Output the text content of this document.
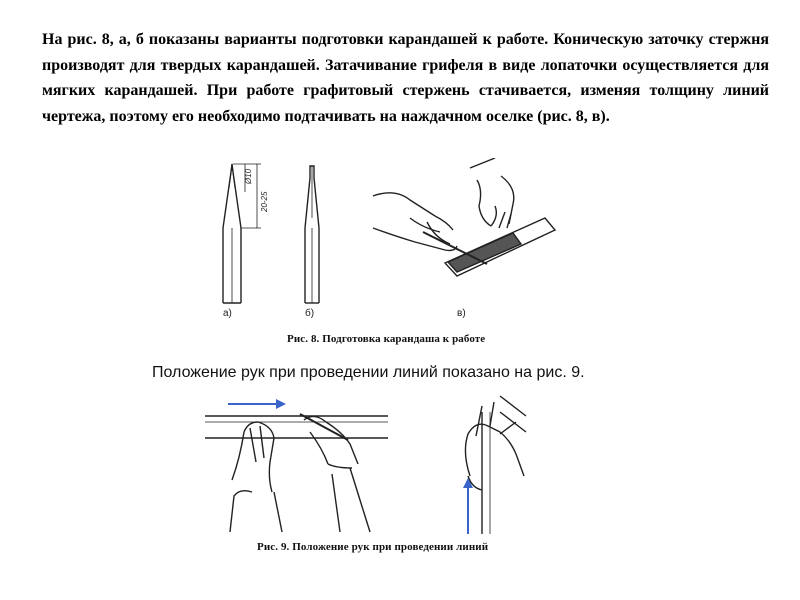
На рис. 8, а, б показаны варианты подготовки карандашей к работе. Коническую заточку стержня производят для твердых карандашей. Затачивание грифеля в виде лопаточки осуществляется для мягких карандашей. При работе графитовый стержень стачивается, изменяя толщину линий чертежа, поэтому его необходимо подтачивать на наждачном оселке (рис. 8, в).

Ø10
20-25
а)	б)	в)
Рис. 8. Подготовка карандаша к работе
Положение рук при проведении линий показано на рис. 9.
Рис. 9. Положение рук при проведении линий
